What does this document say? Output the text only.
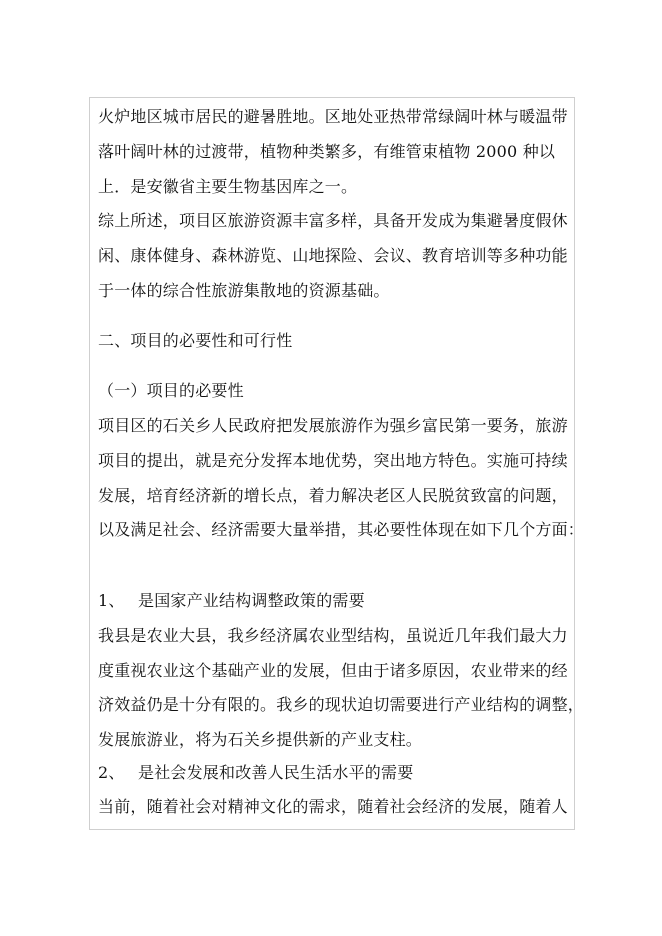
火炉地区城市居民的避暑胜地。区地处亚热带常绿阔叶林与暖温带
落叶阔叶林的过渡带，植物种类繁多，有维管束植物 2000 种以
上．是安徽省主要生物基因库之一。
综上所述，项目区旅游资源丰富多样，具备开发成为集避暑度假休
闲、康体健身、森林游览、山地探险、会议、教育培训等多种功能
于一体的综合性旅游集散地的资源基础。
二、项目的必要性和可行性
（一）项目的必要性
项目区的石关乡人民政府把发展旅游作为强乡富民第一要务，旅游
项目的提出，就是充分发挥本地优势，突出地方特色。实施可持续
发展，培育经济新的增长点，着力解决老区人民脱贫致富的问题，
以及满足社会、经济需要大量举措，其必要性体现在如下几个方面：
1、 是国家产业结构调整政策的需要
我县是农业大县，我乡经济属农业型结构，虽说近几年我们最大力
度重视农业这个基础产业的发展，但由于诸多原因，农业带来的经
济效益仍是十分有限的。我乡的现状迫切需要进行产业结构的调整，
发展旅游业，将为石关乡提供新的产业支柱。
2、 是社会发展和改善人民生活水平的需要
当前，随着社会对精神文化的需求，随着社会经济的发展，随着人
